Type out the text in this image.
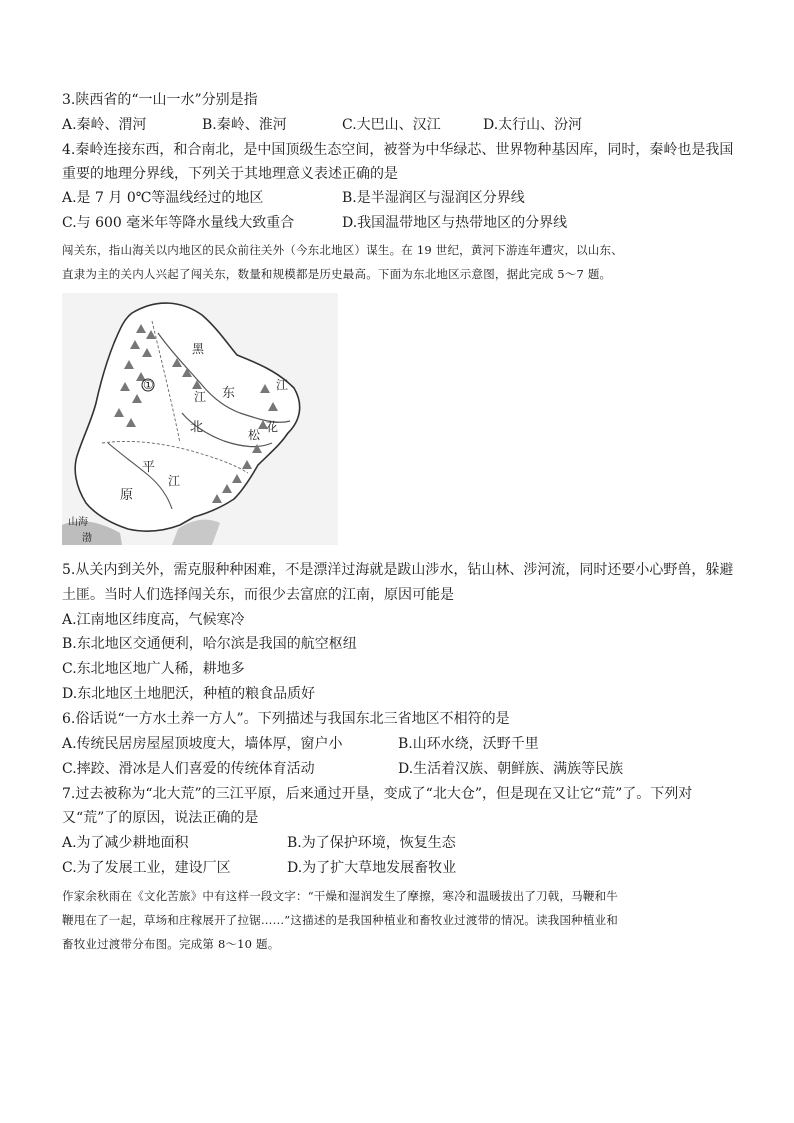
3.陕西省的“一山一水”分别是指
A.秦岭、渭河	B.秦岭、淮河	C.大巴山、汉江	D.太行山、汾河
4.秦岭连接东西，和合南北，是中国顶级生态空间，被誉为中华绿芯、世界物种基因库，同时，秦岭也是我国
重要的地理分界线，下列关于其地理意义表述正确的是
A.是 7 月 0℃等温线经过的地区	B.是半湿润区与湿润区分界线
C.与 600 毫米年等降水量线大致重合	D.我国温带地区与热带地区的分界线
闯关东，指山海关以内地区的民众前往关外（今东北地区）谋生。在 19 世纪，黄河下游连年遭灾，以山东、
直隶为主的关内人兴起了闯关东，数量和规模都是历史最高。下面为东北地区示意图，据此完成 5～7 题。
①
黑
江 东
北	松
花
江
平
原
江
山海
渤
5.从关内到关外，需克服种种困难，不是漂洋过海就是跋山涉水，钻山林、涉河流，同时还要小心野兽，躲避
土匪。当时人们选择闯关东，而很少去富庶的江南，原因可能是
A.江南地区纬度高，气候寒冷
B.东北地区交通便利，哈尔滨是我国的航空枢纽
C.东北地区地广人稀，耕地多
D.东北地区土地肥沃，种植的粮食品质好
6.俗话说“一方水土养一方人”。下列描述与我国东北三省地区不相符的是
A.传统民居房屋屋顶坡度大，墙体厚，窗户小	B.山环水绕，沃野千里
C.摔跤、滑冰是人们喜爱的传统体育活动	D.生活着汉族、朝鲜族、满族等民族
7.过去被称为“北大荒”的三江平原，后来通过开垦，变成了“北大仓”，但是现在又让它“荒”了。下列对
又“荒”了的原因，说法正确的是
A.为了减少耕地面积	B.为了保护环境，恢复生态
C.为了发展工业，建设厂区	D.为了扩大草地发展畜牧业
作家余秋雨在《文化苦旅》中有这样一段文字：“干燥和湿润发生了摩擦，寒冷和温暖拔出了刀戟，马鞭和牛
鞭甩在了一起，草场和庄稼展开了拉锯……”这描述的是我国种植业和畜牧业过渡带的情况。读我国种植业和
畜牧业过渡带分布图。完成第 8～10 题。
